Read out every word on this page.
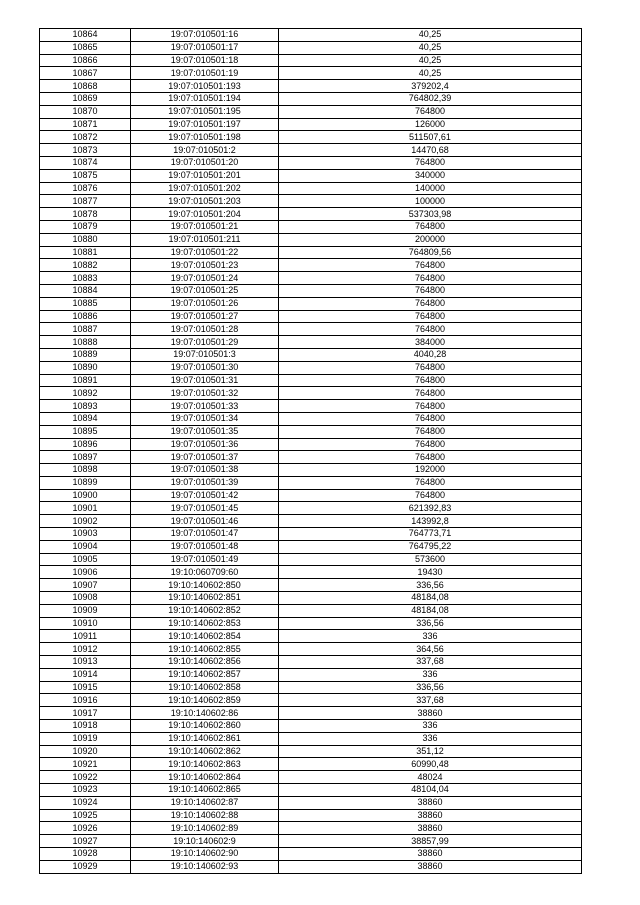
10864	19:07:010501:16	40,25
10865	19:07:010501:17	40,25
10866	19:07:010501:18	40,25
10867	19:07:010501:19	40,25
10868	19:07:010501:193	379202,4
10869	19:07:010501:194	764802,39
10870	19:07:010501:195	764800
10871	19:07:010501:197	126000
10872	19:07:010501:198	511507,61
10873	19:07:010501:2	14470,68
10874	19:07:010501:20	764800
10875	19:07:010501:201	340000
10876	19:07:010501:202	140000
10877	19:07:010501:203	100000
10878	19:07:010501:204	537303,98
10879	19:07:010501:21	764800
10880	19:07:010501:211	200000
10881	19:07:010501:22	764809,56
10882	19:07:010501:23	764800
10883	19:07:010501:24	764800
10884	19:07:010501:25	764800
10885	19:07:010501:26	764800
10886	19:07:010501:27	764800
10887	19:07:010501:28	764800
10888	19:07:010501:29	384000
10889	19:07:010501:3	4040,28
10890	19:07:010501:30	764800
10891	19:07:010501:31	764800
10892	19:07:010501:32	764800
10893	19:07:010501:33	764800
10894	19:07:010501:34	764800
10895	19:07:010501:35	764800
10896	19:07:010501:36	764800
10897	19:07:010501:37	764800
10898	19:07:010501:38	192000
10899	19:07:010501:39	764800
10900	19:07:010501:42	764800
10901	19:07:010501:45	621392,83
10902	19:07:010501:46	143992,8
10903	19:07:010501:47	764773,71
10904	19:07:010501:48	764795,22
10905	19:07:010501:49	573600
10906	19:10:060709:60	19430
10907	19:10:140602:850	336,56
10908	19:10:140602:851	48184,08
10909	19:10:140602:852	48184,08
10910	19:10:140602:853	336,56
10911	19:10:140602:854	336
10912	19:10:140602:855	364,56
10913	19:10:140602:856	337,68
10914	19:10:140602:857	336
10915	19:10:140602:858	336,56
10916	19:10:140602:859	337,68
10917	19:10:140602:86	38860
10918	19:10:140602:860	336
10919	19:10:140602:861	336
10920	19:10:140602:862	351,12
10921	19:10:140602:863	60990,48
10922	19:10:140602:864	48024
10923	19:10:140602:865	48104,04
10924	19:10:140602:87	38860
10925	19:10:140602:88	38860
10926	19:10:140602:89	38860
10927	19:10:140602:9	38857,99
10928	19:10:140602:90	38860
10929	19:10:140602:93	38860
